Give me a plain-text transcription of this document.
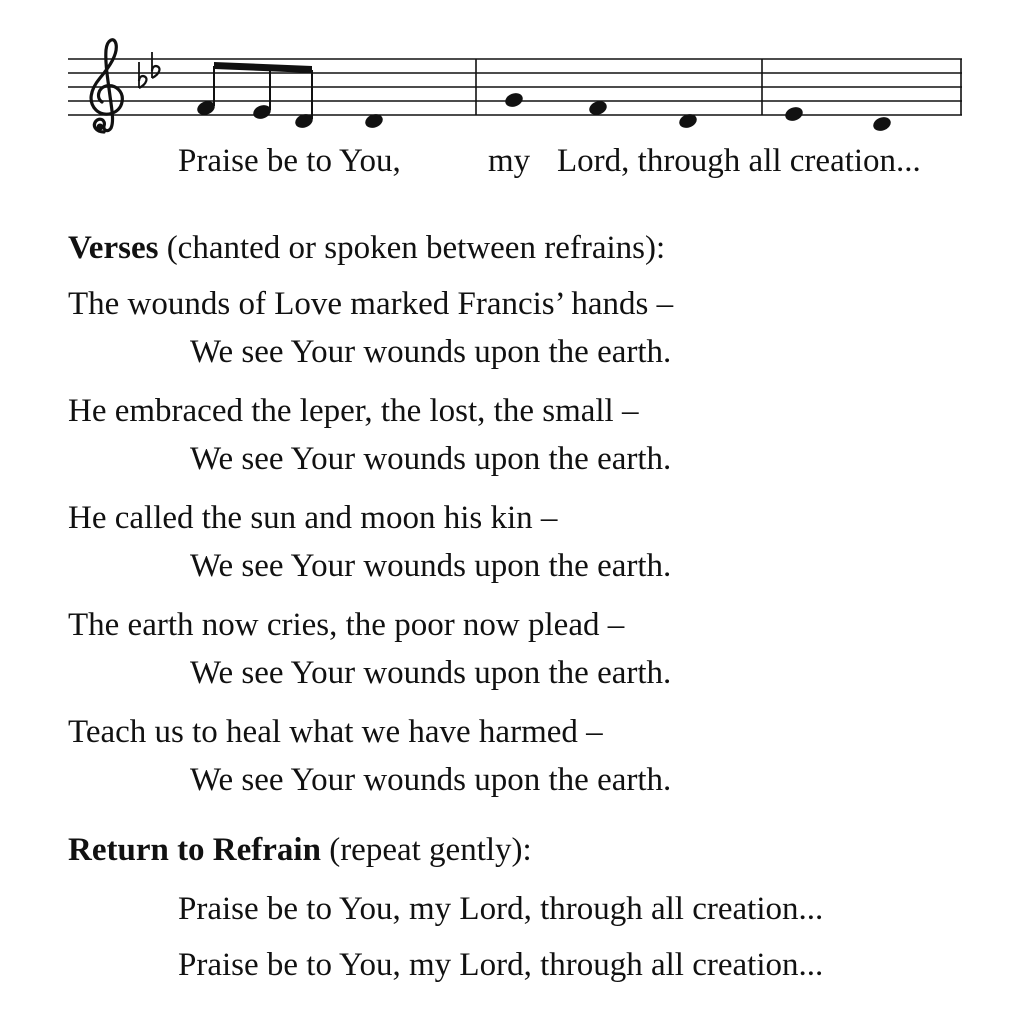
Praise be to You,	my Lord, through all creation...
Verses (chanted or spoken between refrains):
The wounds of Love marked Francis’ hands –
We see Your wounds upon the earth.
He embraced the leper, the lost, the small –
We see Your wounds upon the earth.
He called the sun and moon his kin –
We see Your wounds upon the earth.
The earth now cries, the poor now plead –
We see Your wounds upon the earth.
Teach us to heal what we have harmed –
We see Your wounds upon the earth.
Return to Refrain (repeat gently):
Praise be to You, my Lord, through all creation...
Praise be to You, my Lord, through all creation...
